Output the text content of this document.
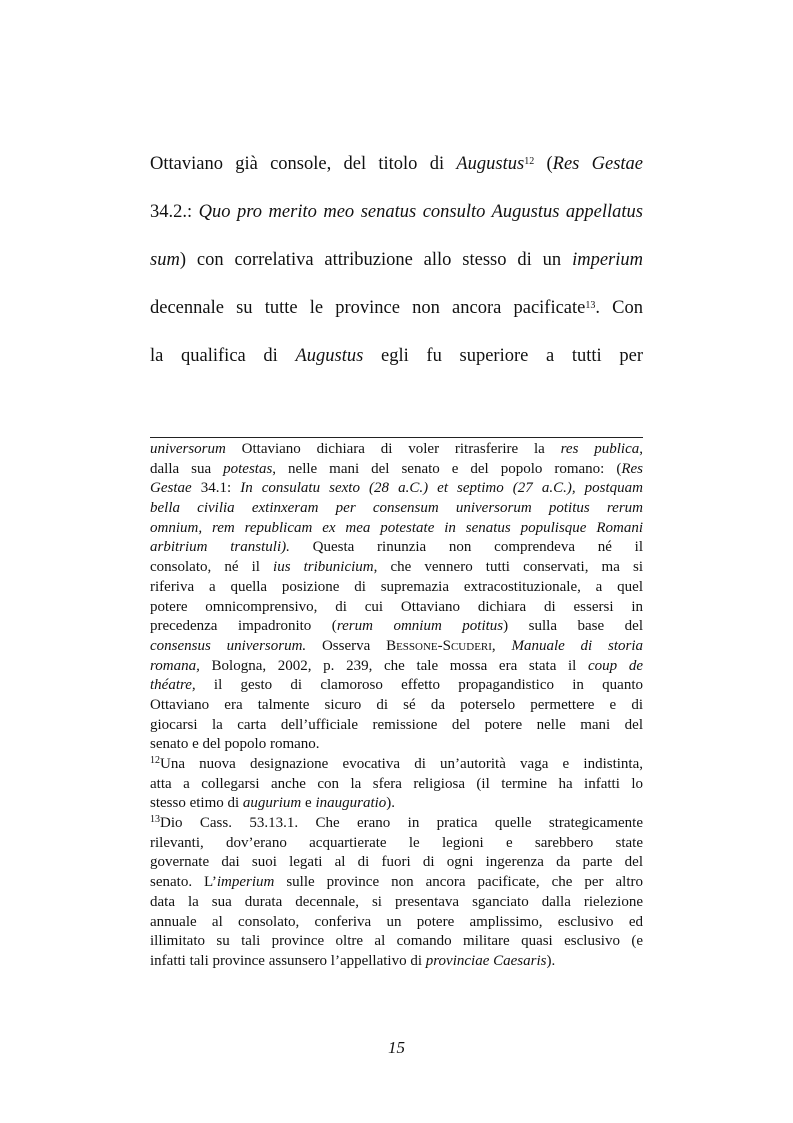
Ottaviano già console, del titolo di Augustus$^{12}$ (Res Gestae
34.2.: Quo pro merito meo senatus consulto Augustus appellatus
sum) con correlativa attribuzione allo stesso di un imperium
decennale su tutte le province non ancora pacificate$^{13}$. Con
la qualifica di Augustus egli fu superiore a tutti per
universorum Ottaviano dichiara di voler ritrasferire la res publica,
dalla sua potestas, nelle mani del senato e del popolo romano: (Res
Gestae 34.1: In consulatu sexto (28 a.C.) et septimo (27 a.C.), postquam
bella civilia extinxeram per consensum universorum potitus rerum
omnium, rem republicam ex mea potestate in senatus populisque Romani
arbitrium transtuli). Questa rinunzia non comprendeva né il
consolato, né il ius tribunicium, che vennero tutti conservati, ma si
riferiva a quella posizione di supremazia extracostituzionale, a quel
potere omnicomprensivo, di cui Ottaviano dichiara di essersi in
precedenza impadronito (rerum omnium potitus) sulla base del
consensus universorum. Osserva Bessone-Scuderi, Manuale di storia
romana, Bologna, 2002, p. 239, che tale mossa era stata il coup de
théatre, il gesto di clamoroso effetto propagandistico in quanto
Ottaviano era talmente sicuro di sé da poterselo permettere e di
giocarsi la carta dell’ufficiale remissione del potere nelle mani del
senato e del popolo romano.
$^{12}$Una nuova designazione evocativa di un’autorità vaga e indistinta,
atta a collegarsi anche con la sfera religiosa (il termine ha infatti lo
stesso etimo di augurium e inauguratio).
$^{13}$Dio Cass. 53.13.1. Che erano in pratica quelle strategicamente
rilevanti, dov’erano acquartierate le legioni e sarebbero state
governate dai suoi legati al di fuori di ogni ingerenza da parte del
senato. L’imperium sulle province non ancora pacificate, che per altro
data la sua durata decennale, si presentava sganciato dalla rielezione
annuale al consolato, conferiva un potere amplissimo, esclusivo ed
illimitato su tali province oltre al comando militare quasi esclusivo (e
infatti tali province assunsero l’appellativo di provinciae Caesaris).
15
